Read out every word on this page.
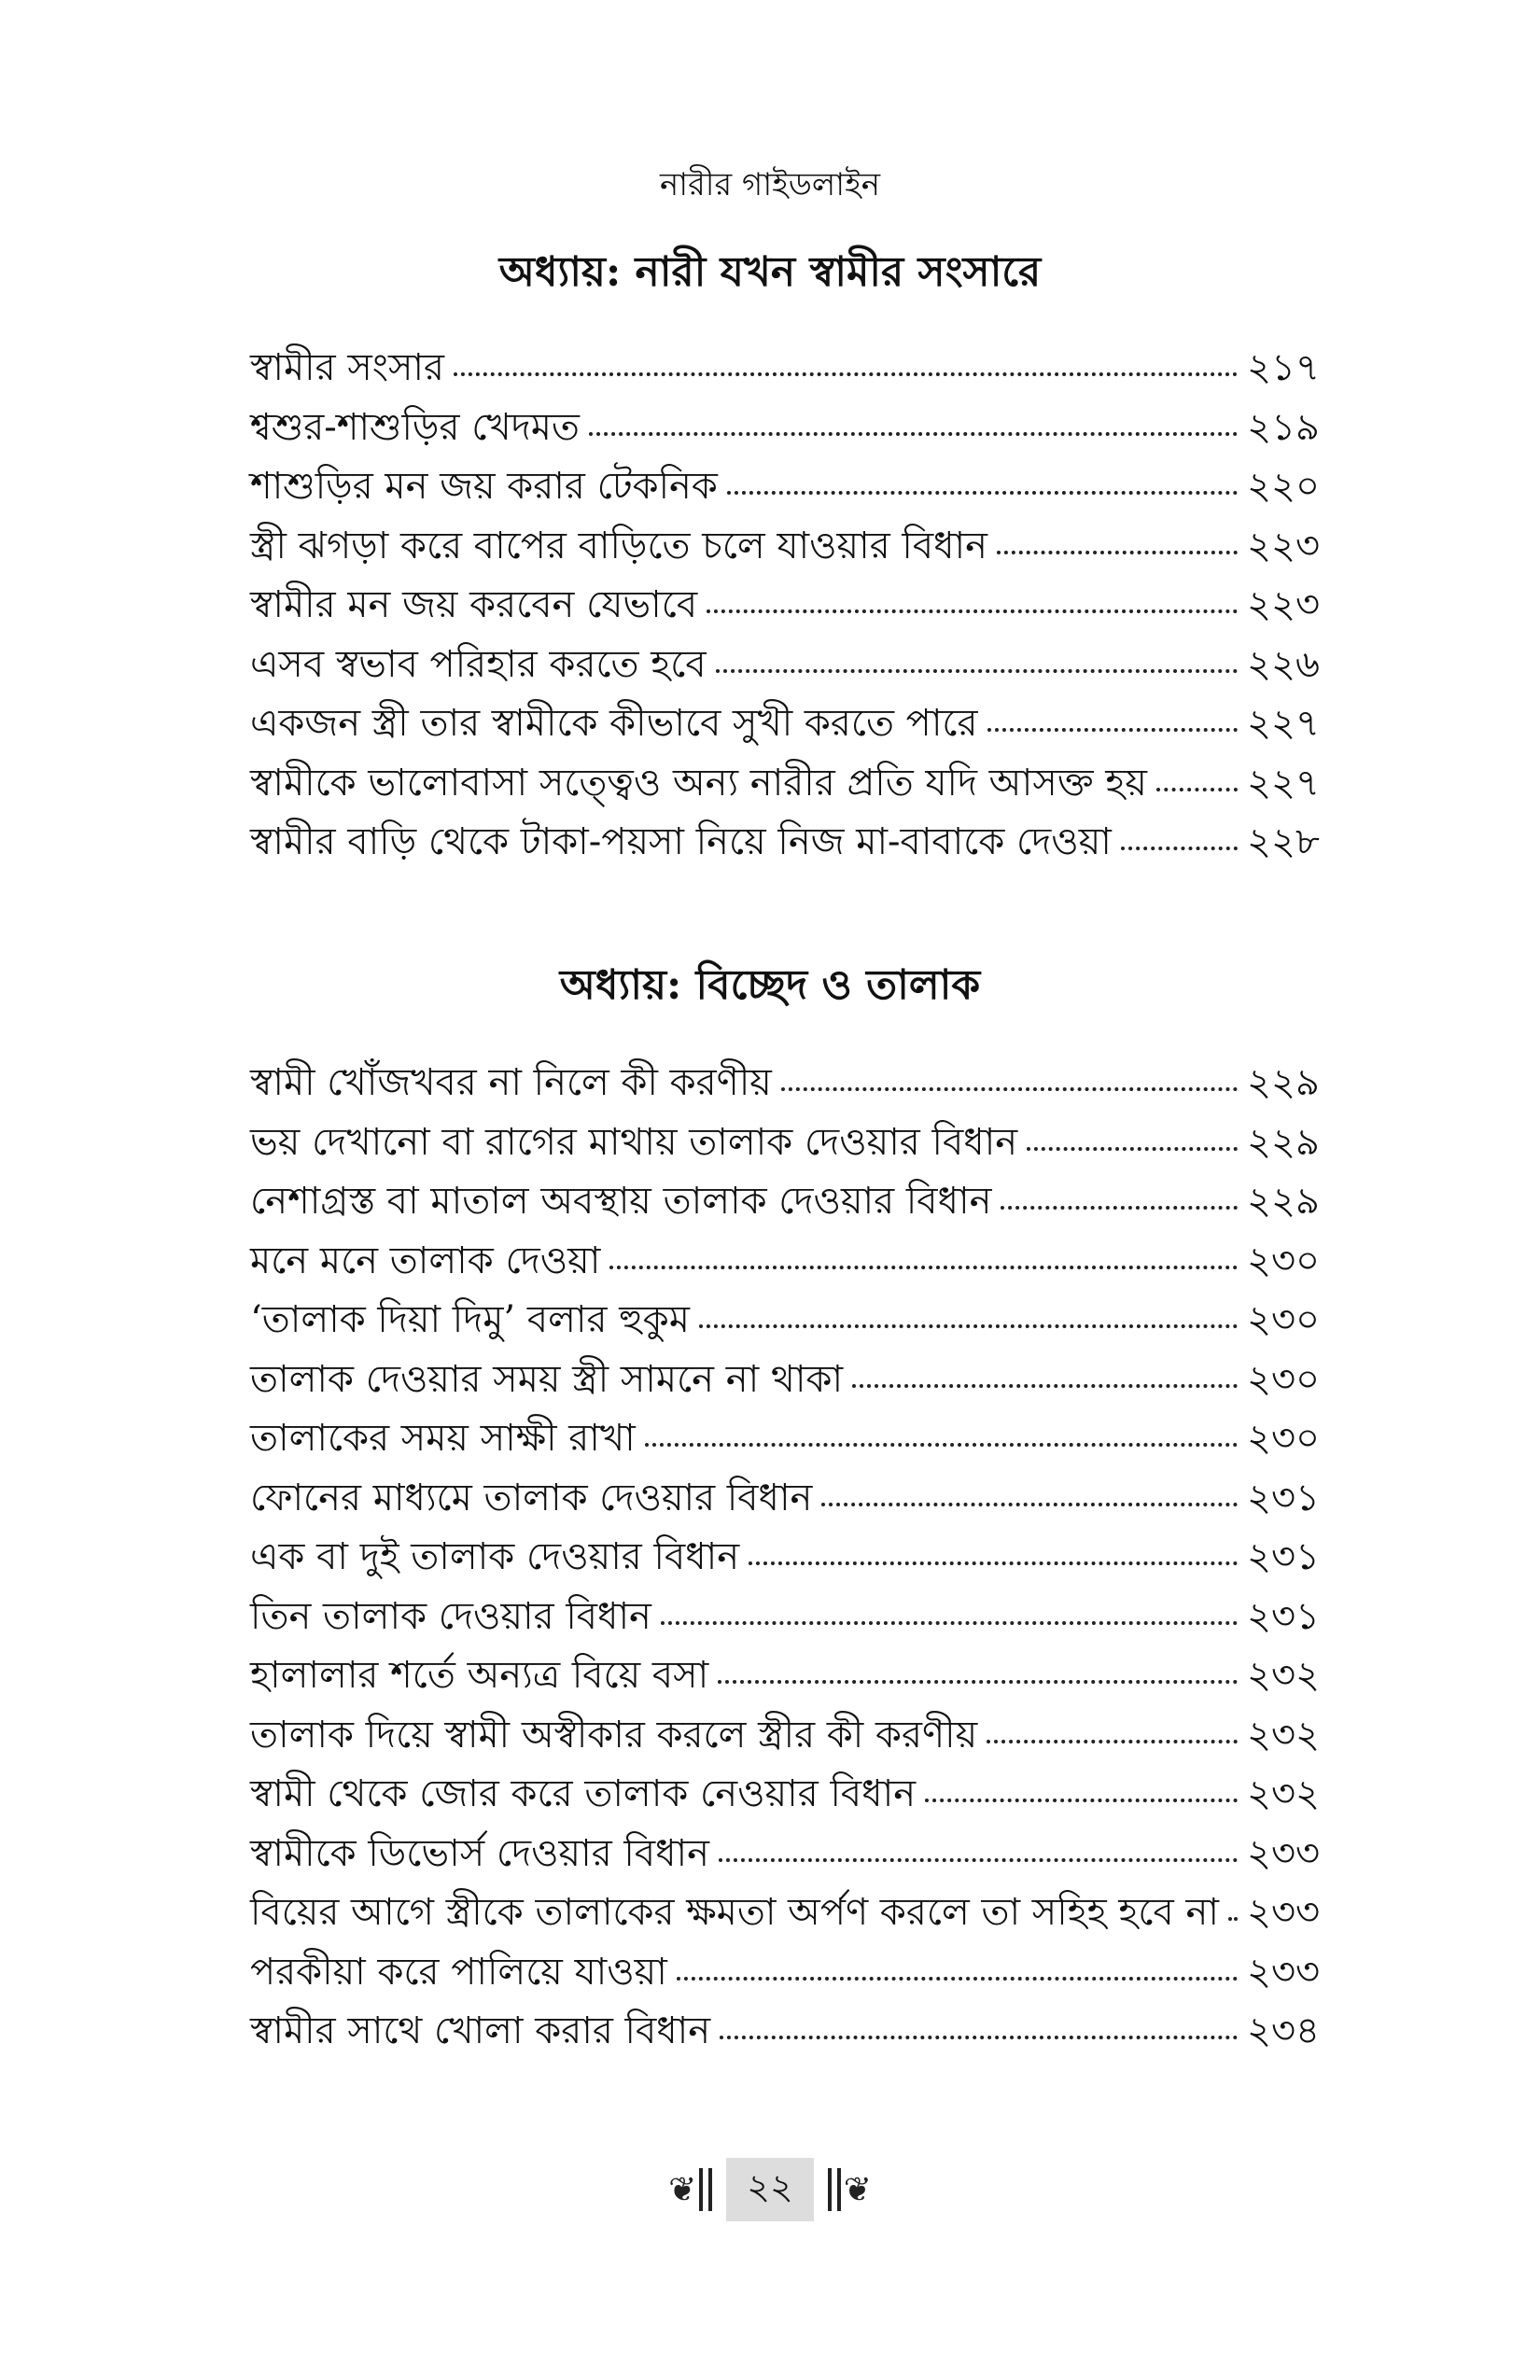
নারীর গাইডলাইন
অধ্যায়: নারী যখন স্বামীর সংসারে
স্বামীর সংসার	২১৭
শ্বশুর-শাশুড়ির খেদমত	২১৯
শাশুড়ির মন জয় করার টেকনিক	২২০
স্ত্রী ঝগড়া করে বাপের বাড়িতে চলে যাওয়ার বিধান	২২৩
স্বামীর মন জয় করবেন যেভাবে	২২৩
এসব স্বভাব পরিহার করতে হবে	২২৬
একজন স্ত্রী তার স্বামীকে কীভাবে সুখী করতে পারে	২২৭
স্বামীকে ভালোবাসা সত্ত্বেও অন্য নারীর প্রতি যদি আসক্ত হয়	২২৭
স্বামীর বাড়ি থেকে টাকা-পয়সা নিয়ে নিজ মা-বাবাকে দেওয়া	২২৮
অধ্যায়: বিচ্ছেদ ও তালাক
স্বামী খোঁজখবর না নিলে কী করণীয়	২২৯
ভয় দেখানো বা রাগের মাথায় তালাক দেওয়ার বিধান	২২৯
নেশাগ্রস্ত বা মাতাল অবস্থায় তালাক দেওয়ার বিধান	২২৯
মনে মনে তালাক দেওয়া	২৩০
‘তালাক দিয়া দিমু’ বলার হুকুম	২৩০
তালাক দেওয়ার সময় স্ত্রী সামনে না থাকা	২৩০
তালাকের সময় সাক্ষী রাখা	২৩০
ফোনের মাধ্যমে তালাক দেওয়ার বিধান	২৩১
এক বা দুই তালাক দেওয়ার বিধান	২৩১
তিন তালাক দেওয়ার বিধান	২৩১
হালালার শর্তে অন্যত্র বিয়ে বসা	২৩২
তালাক দিয়ে স্বামী অস্বীকার করলে স্ত্রীর কী করণীয়	২৩২
স্বামী থেকে জোর করে তালাক নেওয়ার বিধান	২৩২
স্বামীকে ডিভোর্স দেওয়ার বিধান	২৩৩
বিয়ের আগে স্ত্রীকে তালাকের ক্ষমতা অর্পণ করলে তা সহিহ হবে না ২৩৩
পরকীয়া করে পালিয়ে যাওয়া	২৩৩
স্বামীর সাথে খোলা করার বিধান	২৩৪
❦	২২	❦
